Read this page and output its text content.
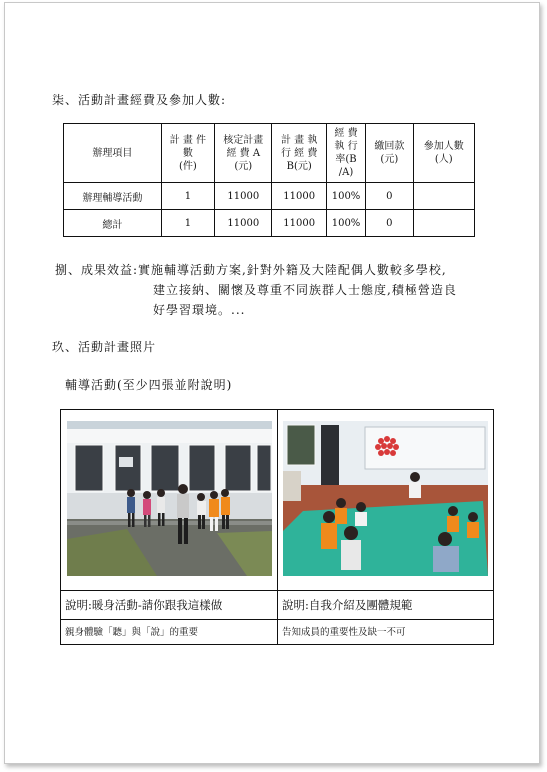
柒、活動計畫經費及參加人數:
辦理項目	計 畫 件
數
(件)	核定計畫
經 費 A
(元)	計 畫 執
行 經 費
B(元)	經 費
執 行
率(B
/A)	繳回款
(元)	參加人數
(人)
辦理輔導活動	1	11000	11000	100%	0	
總計	1	11000	11000	100%	0	
捌、成果效益:實施輔導活動方案,針對外籍及大陸配偶人數較多學校,
建立接納、關懷及尊重不同族群人士態度,積極營造良
好學習環境。...
玖、活動計畫照片
輔導活動(至少四張並附說明)

說明:暖身活動-請你跟我這樣做	說明:自我介紹及團體規範
親身體驗「聽」與「說」的重要	告知成員的重要性及缺一不可
